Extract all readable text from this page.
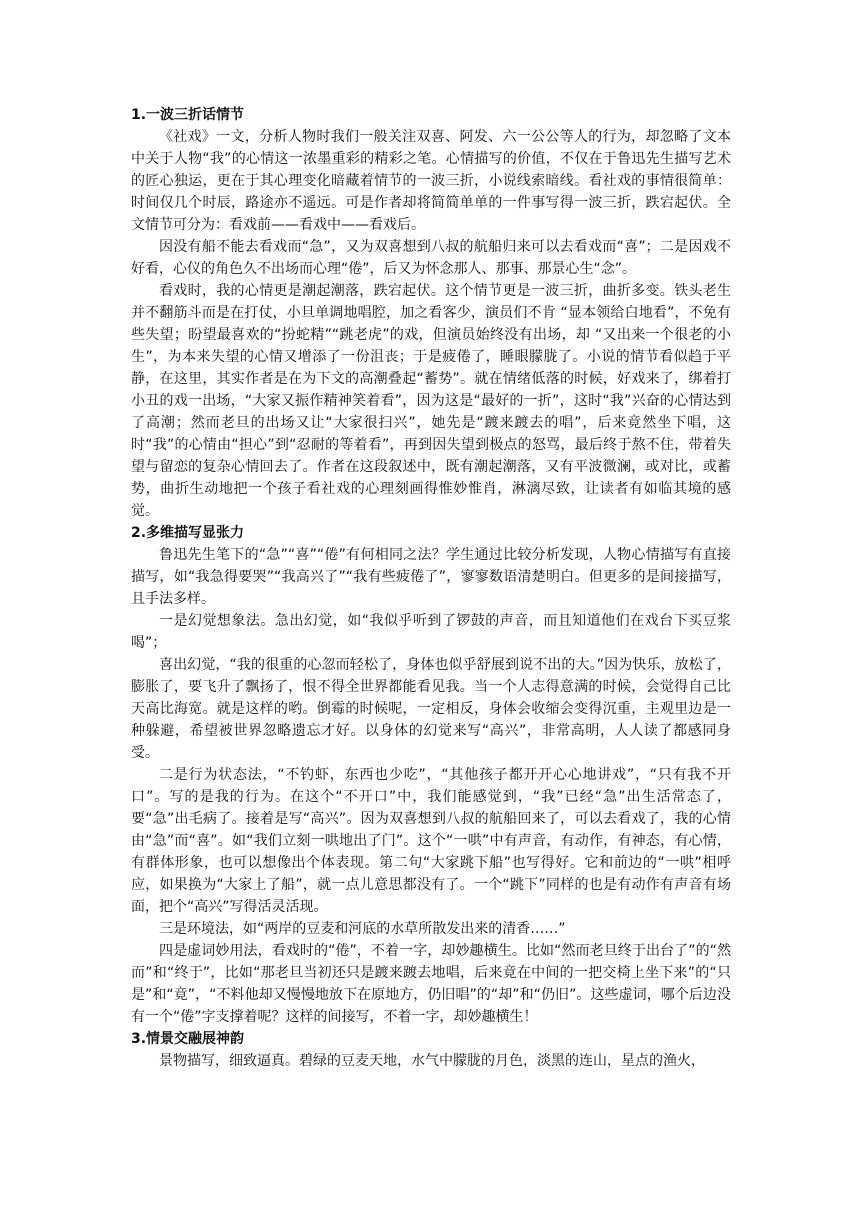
1.一波三折话情节

《社戏》一文，分析人物时我们一般关注双喜、阿发、六一公公等人的行为，却忽略了文本中关于人物“我”的心情这一浓墨重彩的精彩之笔。心情描写的价值，不仅在于鲁迅先生描写艺术的匠心独运，更在于其心理变化暗藏着情节的一波三折，小说线索暗线。看社戏的事情很简单：时间仅几个时辰，路途亦不遥远。可是作者却将简简单单的一件事写得一波三折，跌宕起伏。全文情节可分为：看戏前——看戏中——看戏后。

因没有船不能去看戏而“急”，又为双喜想到八叔的航船归来可以去看戏而“喜”；二是因戏不好看，心仪的角色久不出场而心理“倦”，后又为怀念那人、那事、那景心生“念”。

看戏时，我的心情更是潮起潮落，跌宕起伏。这个情节更是一波三折，曲折多变。铁头老生并不翻筋斗而是在打仗，小旦单调地唱腔，加之看客少，演员们不肯 “显本领给白地看”，不免有些失望；盼望最喜欢的“扮蛇精”“跳老虎”的戏，但演员始终没有出场，却 “又出来一个很老的小生”，为本来失望的心情又增添了一份沮丧；于是疲倦了，睡眼朦胧了。小说的情节看似趋于平静，在这里，其实作者是在为下文的高潮叠起“蓄势”。就在情绪低落的时候，好戏来了，绑着打小丑的戏一出场，“大家又振作精神笑着看”，因为这是“最好的一折”，这时“我”兴奋的心情达到了高潮；然而老旦的出场又让“大家很扫兴”，她先是“踱来踱去的唱”，后来竟然坐下唱，这时“我”的心情由“担心”到“忍耐的等着看”，再到因失望到极点的怒骂，最后终于熬不住，带着失望与留恋的复杂心情回去了。作者在这段叙述中，既有潮起潮落，又有平波微澜，或对比，或蓄势，曲折生动地把一个孩子看社戏的心理刻画得惟妙惟肖，淋漓尽致，让读者有如临其境的感觉。

2.多维描写显张力

鲁迅先生笔下的“急”“喜”“倦”有何相同之法？学生通过比较分析发现，人物心情描写有直接描写，如“我急得要哭”“我高兴了”“我有些疲倦了”，寥寥数语清楚明白。但更多的是间接描写，且手法多样。

一是幻觉想象法。急出幻觉，如“我似乎听到了锣鼓的声音，而且知道他们在戏台下买豆浆喝”；

喜出幻觉，“我的很重的心忽而轻松了，身体也似乎舒展到说不出的大。”因为快乐，放松了，膨胀了，要飞升了飘扬了，恨不得全世界都能看见我。当一个人志得意满的时候，会觉得自己比天高比海宽。就是这样的哟。倒霉的时候呢，一定相反，身体会收缩会变得沉重，主观里边是一种躲避，希望被世界忽略遗忘才好。以身体的幻觉来写“高兴”，非常高明，人人读了都感同身受。

二是行为状态法，“不钓虾，东西也少吃”，“其他孩子都开开心心地讲戏”，“只有我不开口”。写的是我的行为。在这个“不开口”中，我们能感觉到，“我”已经“急”出生活常态了，要“急”出毛病了。接着是写“高兴”。因为双喜想到八叔的航船回来了，可以去看戏了，我的心情由“急”而“喜”。如“我们立刻一哄地出了门”。这个“一哄”中有声音，有动作，有神态，有心情，有群体形象，也可以想像出个体表现。第二句“大家跳下船”也写得好。它和前边的“一哄”相呼应，如果换为“大家上了船”，就一点儿意思都没有了。一个“跳下”同样的也是有动作有声音有场面，把个“高兴”写得活灵活现。

三是环境法，如“两岸的豆麦和河底的水草所散发出来的清香……”

四是虚词妙用法，看戏时的“倦”，不着一字，却妙趣横生。比如“然而老旦终于出台了”的“然而”和“终于”，比如“那老旦当初还只是踱来踱去地唱，后来竟在中间的一把交椅上坐下来”的“只是”和“竟”，“不料他却又慢慢地放下在原地方，仍旧唱”的“却”和“仍旧”。这些虚词，哪个后边没有一个“倦”字支撑着呢？这样的间接写，不着一字，却妙趣横生！

3.情景交融展神韵

景物描写，细致逼真。碧绿的豆麦天地，水气中朦胧的月色，淡黑的连山，星点的渔火，
